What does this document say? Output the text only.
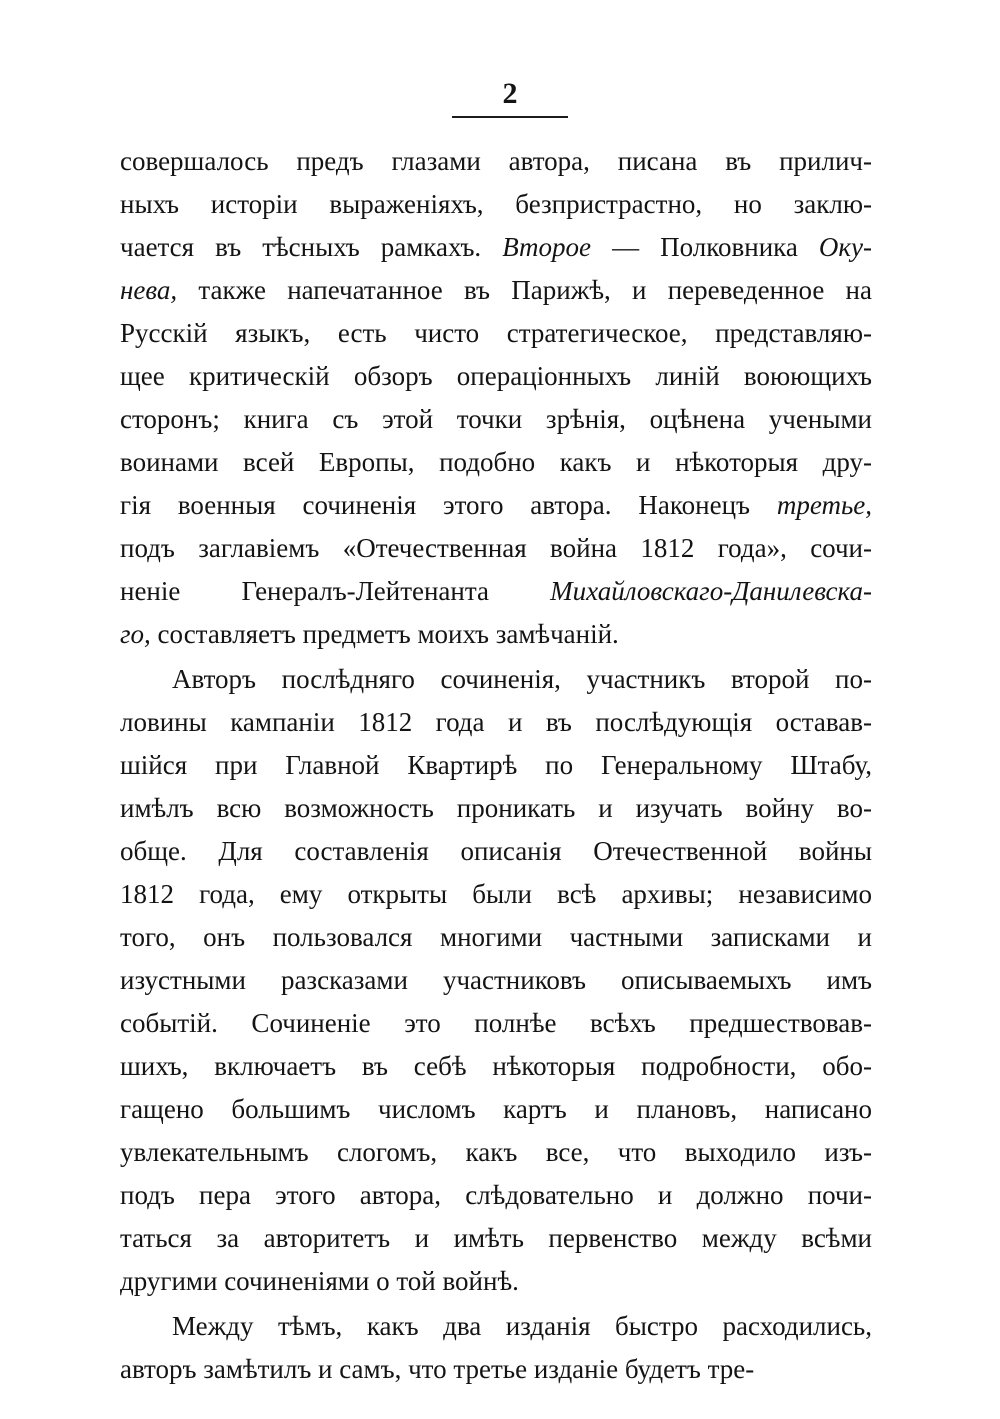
2
совершалось предъ глазами автора, писана въ прилич-
ныхъ исторіи выраженіяхъ, безпристрастно, но заклю-
чается въ тѣсныхъ рамкахъ. Второе — Полковника Оку-
нева, также напечатанное въ Парижѣ, и переведенное на
Русскій языкъ, есть чисто стратегическое, представляю-
щее критическій обзоръ операціонныхъ линій воюющихъ
сторонъ; книга съ этой точки зрѣнія, оцѣнена учеными
воинами всей Европы, подобно какъ и нѣкоторыя дру-
гія военныя сочиненія этого автора. Наконецъ третье,
подъ заглавіемъ «Отечественная война 1812 года», сочи-
неніе Генералъ-Лейтенанта Михайловскаго-Данилевска-
го, составляетъ предметъ моихъ замѣчаній.
Авторъ послѣдняго сочиненія, участникъ второй по-
ловины кампаніи 1812 года и въ послѣдующія оставав-
шійся при Главной Квартирѣ по Генеральному Штабу,
имѣлъ всю возможность проникать и изучать войну во-
обще. Для составленія описанія Отечественной войны
1812 года, ему открыты были всѣ архивы; независимо
того, онъ пользовался многими частными записками и
изустными разсказами участниковъ описываемыхъ имъ
событій. Сочиненіе это полнѣе всѣхъ предшествовав-
шихъ, включаетъ въ себѣ нѣкоторыя подробности, обо-
гащено большимъ числомъ картъ и плановъ, написано
увлекательнымъ слогомъ, какъ все, что выходило изъ-
подъ пера этого автора, слѣдовательно и должно почи-
таться за авторитетъ и имѣть первенство между всѣми
другими сочиненіями о той войнѣ.
Между тѣмъ, какъ два изданія быстро расходились,
авторъ замѣтилъ и самъ, что третье изданіе будетъ тре-
